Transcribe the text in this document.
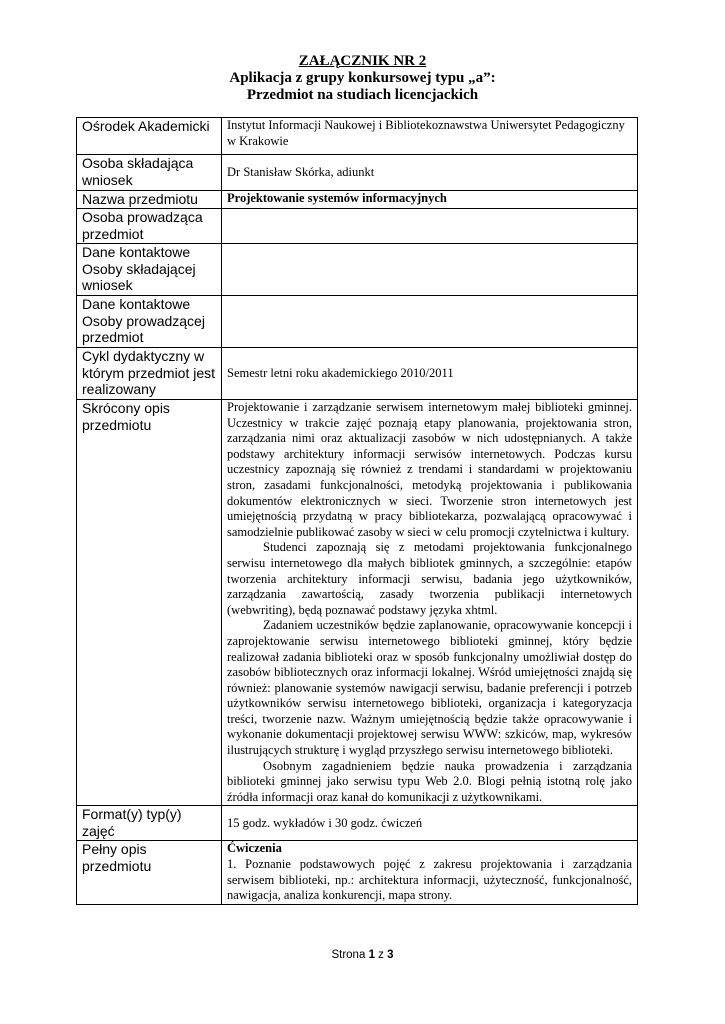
ZAŁĄCZNIK NR 2
Aplikacja z grupy konkursowej typu „a”:
Przedmiot na studiach licencjackich
Ośrodek Akademicki	Instytut Informacji Naukowej i Bibliotekoznawstwa Uniwersytet Pedagogiczny w Krakowie
Osoba składająca wniosek	Dr Stanisław Skórka, adiunkt
Nazwa przedmiotu	Projektowanie systemów informacyjnych
Osoba prowadząca przedmiot	
Dane kontaktowe Osoby składającej wniosek	
Dane kontaktowe Osoby prowadzącej przedmiot	
Cykl dydaktyczny w którym przedmiot jest realizowany	Semestr letni roku akademickiego 2010/2011
Skrócony opis przedmiotu	Projektowanie i zarządzanie serwisem internetowym małej biblioteki gminnej. Uczestnicy w trakcie zajęć poznają etapy planowania, projektowania stron, zarządzania nimi oraz aktualizacji zasobów w nich udostępnianych. A także podstawy architektury informacji serwisów internetowych. Podczas kursu uczestnicy zapoznają się również z trendami i standardami w projektowaniu stron, zasadami funkcjonalności, metodyką projektowania i publikowania dokumentów elektronicznych w sieci. Tworzenie stron internetowych jest umiejętnością przydatną w pracy bibliotekarza, pozwalającą opracowywać i samodzielnie publikować zasoby w sieci w celu promocji czytelnictwa i kultury.

Studenci zapoznają się z metodami projektowania funkcjonalnego serwisu internetowego dla małych bibliotek gminnych, a szczególnie: etapów tworzenia architektury informacji serwisu, badania jego użytkowników, zarządzania zawartością, zasady tworzenia publikacji internetowych (webwriting), będą poznawać podstawy języka xhtml.

Zadaniem uczestników będzie zaplanowanie, opracowywanie koncepcji i zaprojektowanie serwisu internetowego biblioteki gminnej, który będzie realizował zadania biblioteki oraz w sposób funkcjonalny umożliwiał dostęp do zasobów bibliotecznych oraz informacji lokalnej. Wśród umiejętności znajdą się również: planowanie systemów nawigacji serwisu, badanie preferencji i potrzeb użytkowników serwisu internetowego biblioteki, organizacja i kategoryzacja treści, tworzenie nazw. Ważnym umiejętnością będzie także opracowywanie i wykonanie dokumentacji projektowej serwisu WWW: szkiców, map, wykresów ilustrujących strukturę i wygląd przyszłego serwisu internetowego biblioteki.

Osobnym zagadnieniem będzie nauka prowadzenia i zarządzania biblioteki gminnej jako serwisu typu Web 2.0. Blogi pełnią istotną rolę jako źródła informacji oraz kanał do komunikacji z użytkownikami.

Format(y) typ(y) zajęć	15 godz. wykładów i 30 godz. ćwiczeń
Pełny opis przedmiotu	Ćwiczenia

1. Poznanie podstawowych pojęć z zakresu projektowania i zarządzania serwisem biblioteki, np.: architektura informacji, użyteczność, funkcjonalność, nawigacja, analiza konkurencji, mapa strony.

Strona 1 z 3
